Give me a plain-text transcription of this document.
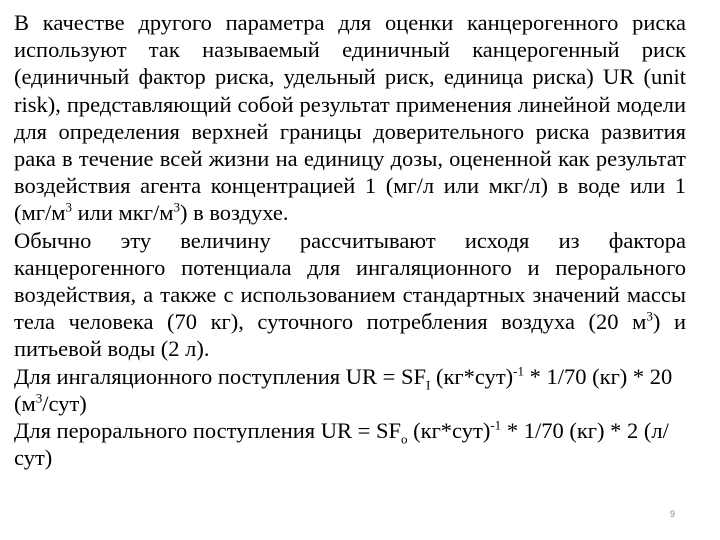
В качестве другого параметра для оценки канцерогенного риска используют так называемый единичный канцерогенный риск (единичный фактор риска, удельный риск, единица риска) UR (unit risk), представляющий собой результат применения линейной модели для определения верхней границы доверительного риска развития рака в течение всей жизни на единицу дозы, оцененной как результат воздействия агента концентрацией 1 (мг/л или мкг/л) в воде или 1 ($мг/м^3$ или мкг/$м^3$) в воздухе.

Обычно эту величину рассчитывают исходя из фактора канцерогенного потенциала для ингаляционного и перорального воздействия, а также с использованием стандартных значений массы тела человека (70 кг), суточного потребления воздуха (20 $м^3$) и питьевой воды (2 л).

Для ингаляционного поступления UR = $SF_I$ $(кг*сут)^{-1} * 1/70$ (кг) * 20 $(м^3/сут)$

Для перорального поступления UR = $SF_o$ $(кг*сут)^{-1} * 1/70$ (кг) * 2 (л/сут)

9
